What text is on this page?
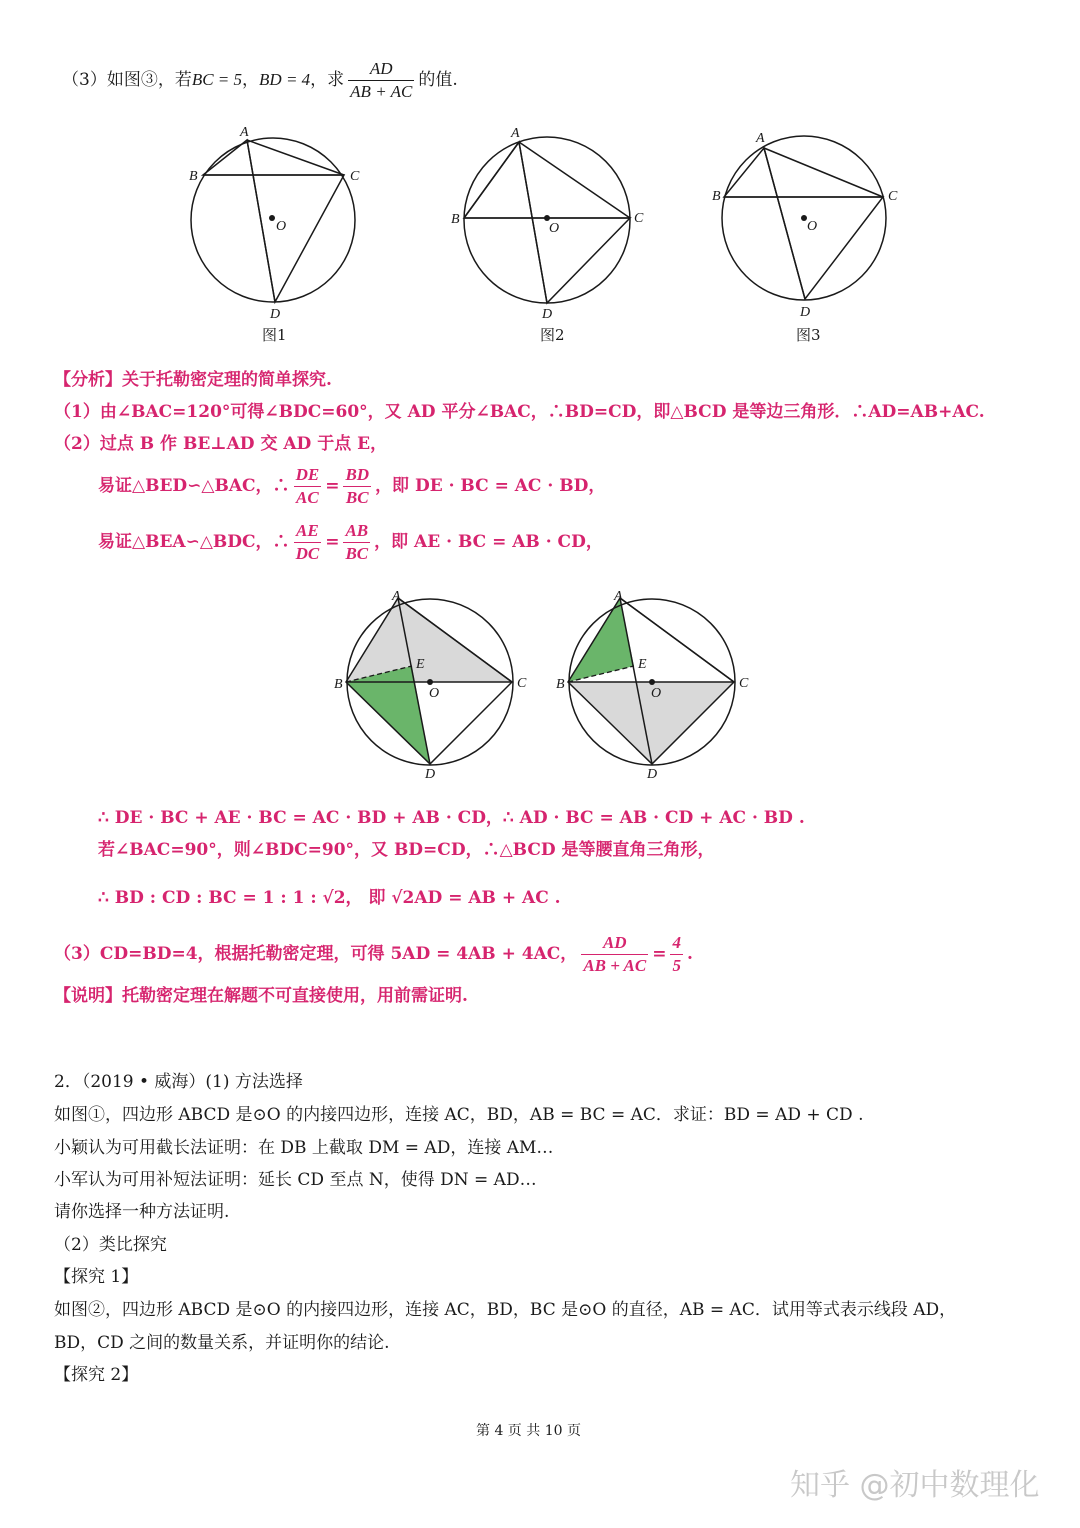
（3）如图③，若BC = 5，BD = 4，求 $\frac{AD}{AB + AC}$ 的值.
A
B	C
D
O
A
B	C
D
O
A
B	C
D
O
图1	图2	图3
【分析】关于托勒密定理的简单探究.
（1）由∠BAC=120°可得∠BDC=60°，又 AD 平分∠BAC，∴BD=CD，即△BCD 是等边三角形．∴AD=AB+AC.
（2）过点 B 作 BE⊥AD 交 AD 于点 E，
易证△BED∽△BAC，∴ $\frac{DE}{AC} = \frac{BD}{BC}$ ，即 DE · BC = AC · BD，
易证△BEA∽△BDC，∴ $\frac{AE}{DC} = \frac{AB}{BC}$ ，即 AE · BC = AB · CD，
A
B	C
D
O
E
A
B	C
D
O
E
∴ DE · BC + AE · BC = AC · BD + AB · CD，∴ AD · BC = AB · CD + AC · BD .
若∠BAC=90°，则∠BDC=90°，又 BD=CD，∴△BCD 是等腰直角三角形，
∴ BD : CD : BC = 1 : 1 : √2， 即 √2AD = AB + AC .
（3）CD=BD=4，根据托勒密定理，可得 5AD = 4AB + 4AC， $\frac{AD}{AB + AC} = \frac{4}{5}$ .
【说明】托勒密定理在解题不可直接使用，用前需证明.
2．（2019 • 威海）(1) 方法选择
如图①，四边形 ABCD 是⊙O 的内接四边形，连接 AC，BD，AB = BC = AC．求证：BD = AD + CD .
小颖认为可用截长法证明：在 DB 上截取 DM = AD，连接 AM…
小军认为可用补短法证明：延长 CD 至点 N，使得 DN = AD…
请你选择一种方法证明.
（2）类比探究
【探究 1】
如图②，四边形 ABCD 是⊙O 的内接四边形，连接 AC，BD，BC 是⊙O 的直径，AB = AC．试用等式表示线段 AD，
BD，CD 之间的数量关系，并证明你的结论.
【探究 2】
第 4 页 共 10 页
知乎 @初中数理化
